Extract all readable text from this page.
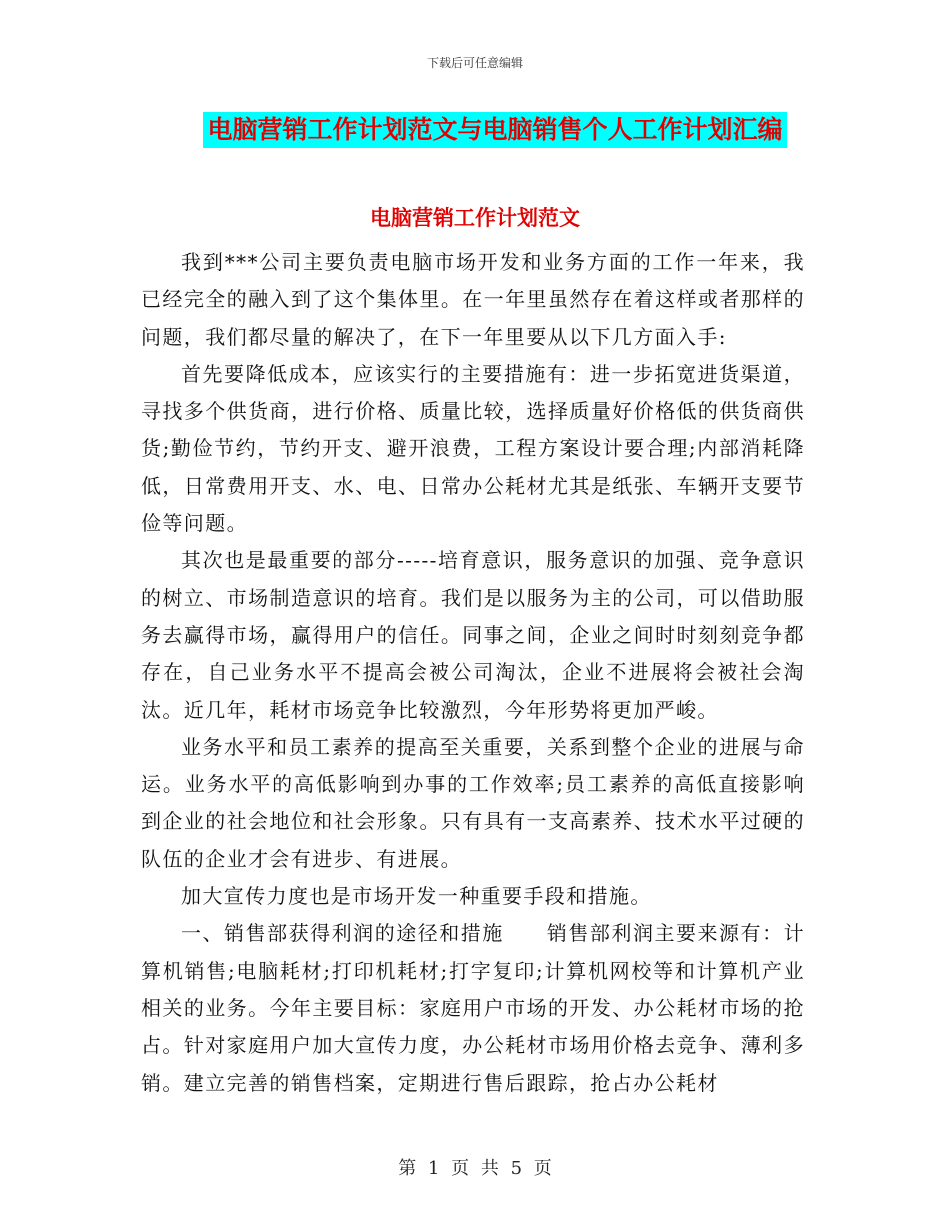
下载后可任意编辑
电脑营销工作计划范文与电脑销售个人工作计划汇编
电脑营销工作计划范文

我到***公司主要负责电脑市场开发和业务方面的工作一年来，我已经完全的融入到了这个集体里。在一年里虽然存在着这样或者那样的问题，我们都尽量的解决了，在下一年里要从以下几方面入手:

首先要降低成本，应该实行的主要措施有：进一步拓宽进货渠道，寻找多个供货商，进行价格、质量比较，选择质量好价格低的供货商供货;勤俭节约，节约开支、避开浪费，工程方案设计要合理;内部消耗降低，日常费用开支、水、电、日常办公耗材尤其是纸张、车辆开支要节俭等问题。

其次也是最重要的部分-----培育意识，服务意识的加强、竞争意识的树立、市场制造意识的培育。我们是以服务为主的公司，可以借助服务去赢得市场，赢得用户的信任。同事之间，企业之间时时刻刻竞争都存在，自己业务水平不提高会被公司淘汰，企业不进展将会被社会淘汰。近几年，耗材市场竞争比较激烈，今年形势将更加严峻。

业务水平和员工素养的提高至关重要，关系到整个企业的进展与命运。业务水平的高低影响到办事的工作效率;员工素养的高低直接影响到企业的社会地位和社会形象。只有具有一支高素养、技术水平过硬的队伍的企业才会有进步、有进展。

加大宣传力度也是市场开发一种重要手段和措施。

一、销售部获得利润的途径和措施　　销售部利润主要来源有：计算机销售;电脑耗材;打印机耗材;打字复印;计算机网校等和计算机产业相关的业务。今年主要目标：家庭用户市场的开发、办公耗材市场的抢占。针对家庭用户加大宣传力度，办公耗材市场用价格去竞争、薄利多销。建立完善的销售档案，定期进行售后跟踪，抢占办公耗材

第 1 页 共 5 页
